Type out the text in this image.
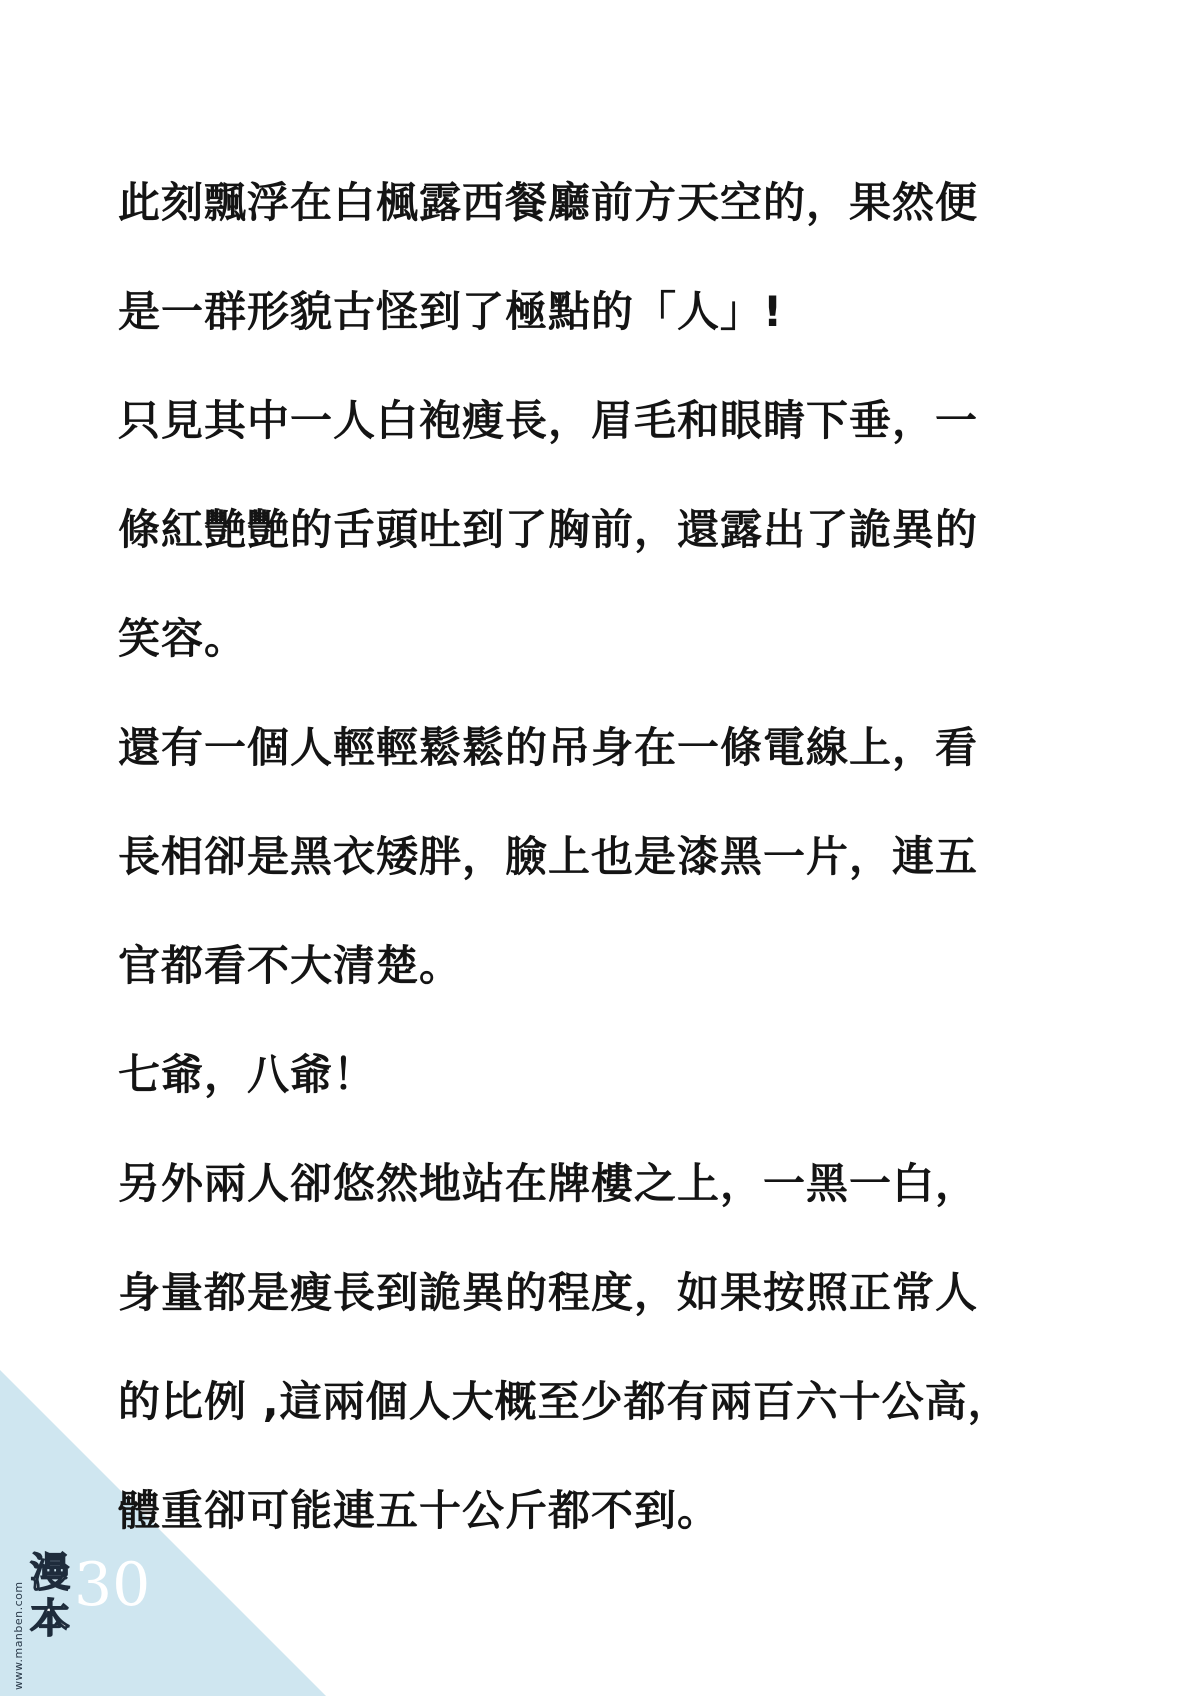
此刻飄浮在白楓露西餐廳前方天空的，果然便
是一群形貌古怪到了極點的「人」!
只見其中一人白袍瘦長，眉毛和眼睛下垂，一
條紅艷艷的舌頭吐到了胸前，還露出了詭異的
笑容。
還有一個人輕輕鬆鬆的吊身在一條電線上，看
長相卻是黑衣矮胖，臉上也是漆黑一片，連五
官都看不大清楚。
七爺，八爺！
另外兩人卻悠然地站在牌樓之上，一黑一白，
身量都是瘦長到詭異的程度，如果按照正常人
的比例 ,這兩個人大概至少都有兩百六十公高，
體重卻可能連五十公斤都不到。
30
www.manben.com
漫本
